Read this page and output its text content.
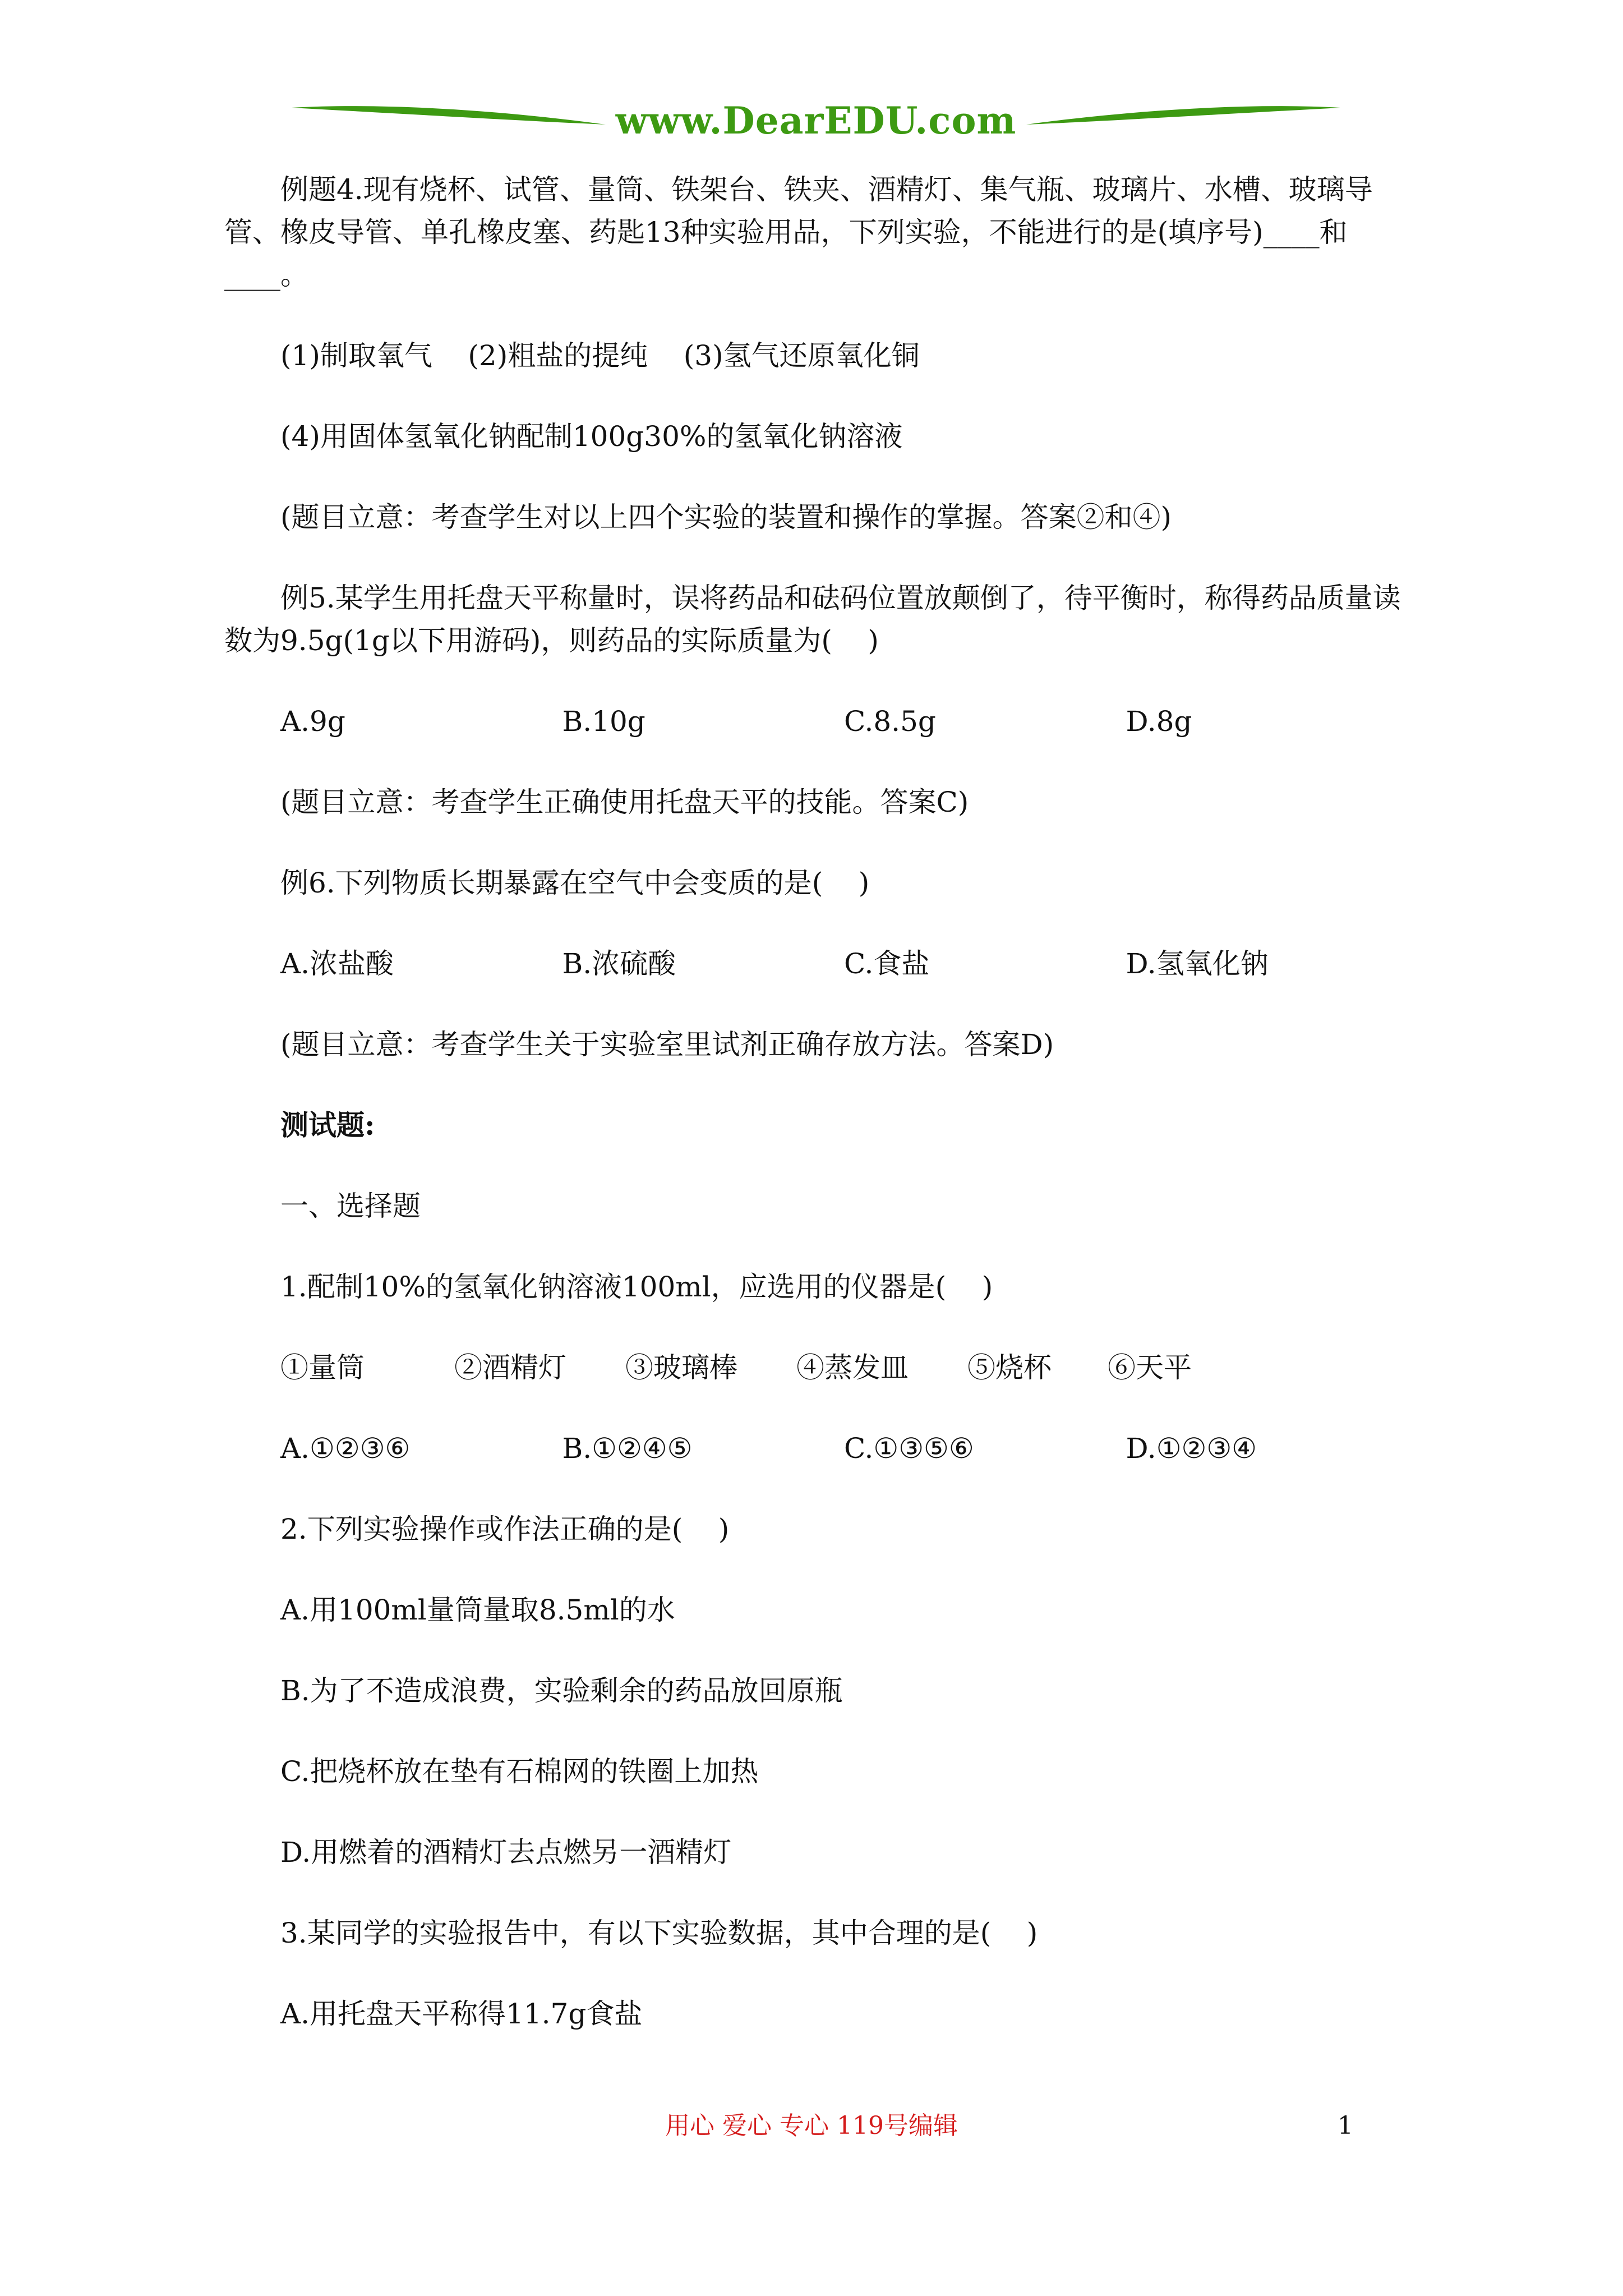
www.DearEDU.com

例题4.现有烧杯、试管、量筒、铁架台、铁夹、酒精灯、集气瓶、玻璃片、水槽、玻璃导管、橡皮导管、单孔橡皮塞、药匙13种实验用品，下列实验，不能进行的是(填序号)____和____。

(1)制取氧气    (2)粗盐的提纯    (3)氢气还原氧化铜

(4)用固体氢氧化钠配制100g30%的氢氧化钠溶液

(题目立意：考查学生对以上四个实验的装置和操作的掌握。答案②和④)

例5.某学生用托盘天平称量时，误将药品和砝码位置放颠倒了，待平衡时，称得药品质量读数为9.5g(1g以下用游码)，则药品的实际质量为(    )

A.9g	B.10g	C.8.5g	D.8g

(题目立意：考查学生正确使用托盘天平的技能。答案C)

例6.下列物质长期暴露在空气中会变质的是(    )

A.浓盐酸	B.浓硫酸	C.食盐	D.氢氧化钠

(题目立意：考查学生关于实验室里试剂正确存放方法。答案D)

测试题:

一、选择题

1.配制10%的氢氧化钠溶液100ml，应选用的仪器是(    )

①量筒	②酒精灯	③玻璃棒	④蒸发皿	⑤烧杯	⑥天平
A.①②③⑥	B.①②④⑤	C.①③⑤⑥	D.①②③④

2.下列实验操作或作法正确的是(    )

A.用100ml量筒量取8.5ml的水

B.为了不造成浪费，实验剩余的药品放回原瓶

C.把烧杯放在垫有石棉网的铁圈上加热

D.用燃着的酒精灯去点燃另一酒精灯

3.某同学的实验报告中，有以下实验数据，其中合理的是(    )

A.用托盘天平称得11.7g食盐

用心 爱心 专心 119号编辑	1
